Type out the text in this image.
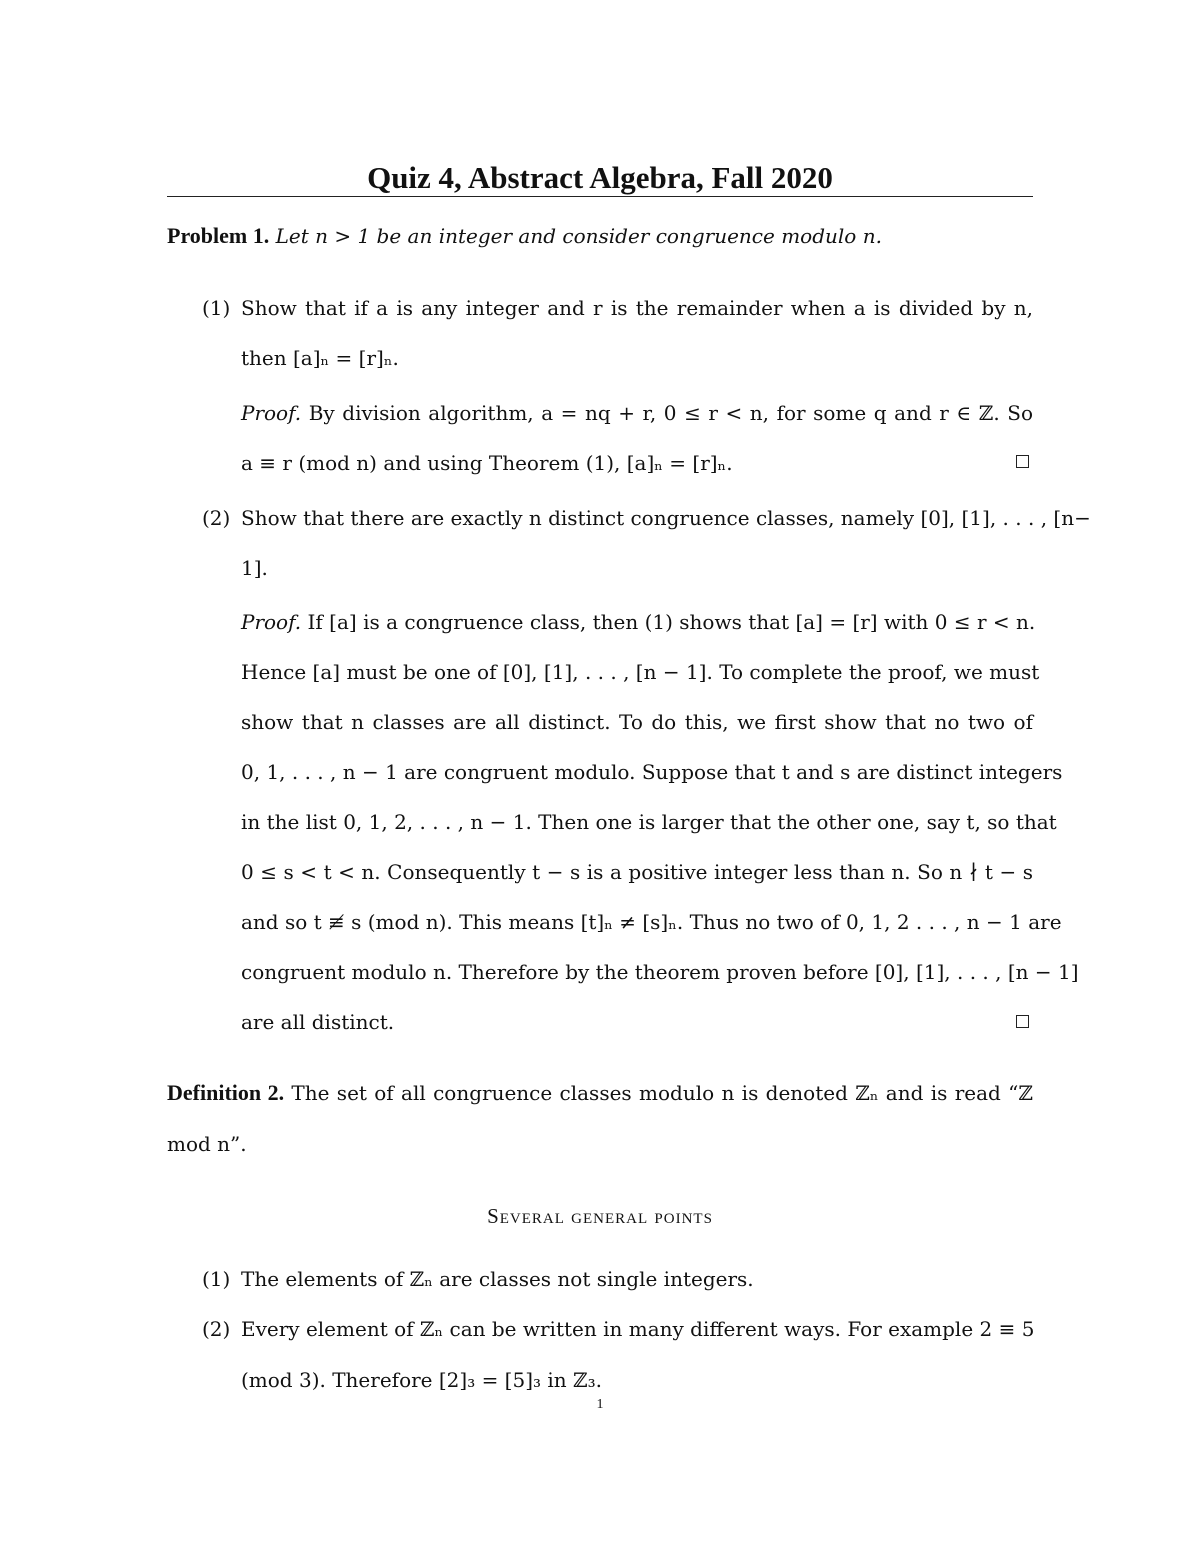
Quiz 4, Abstract Algebra, Fall 2020
Problem 1. Let n > 1 be an integer and consider congruence modulo n.
(1) Show that if a is any integer and r is the remainder when a is divided by n,
then [a]ₙ = [r]ₙ.
Proof. By division algorithm, a = nq + r, 0 ≤ r < n, for some q and r ∈ ℤ. So
a ≡ r (mod n) and using Theorem (1), [a]ₙ = [r]ₙ.
(2) Show that there are exactly n distinct congruence classes, namely [0], [1], . . . , [n−
1].
Proof. If [a] is a congruence class, then (1) shows that [a] = [r] with 0 ≤ r < n.
Hence [a] must be one of [0], [1], . . . , [n − 1]. To complete the proof, we must
show that n classes are all distinct. To do this, we first show that no two of
0, 1, . . . , n − 1 are congruent modulo. Suppose that t and s are distinct integers
in the list 0, 1, 2, . . . , n − 1. Then one is larger that the other one, say t, so that
0 ≤ s < t < n. Consequently t − s is a positive integer less than n. So n ∤ t − s
and so t ≢ s (mod n). This means [t]ₙ ≠ [s]ₙ. Thus no two of 0, 1, 2 . . . , n − 1 are
congruent modulo n. Therefore by the theorem proven before [0], [1], . . . , [n − 1]
are all distinct.
Definition 2. The set of all congruence classes modulo n is denoted ℤₙ and is read “ℤ
mod n”.
Several general points
(1) The elements of ℤₙ are classes not single integers.
(2) Every element of ℤₙ can be written in many different ways. For example 2 ≡ 5
(mod 3). Therefore [2]₃ = [5]₃ in ℤ₃.
1
